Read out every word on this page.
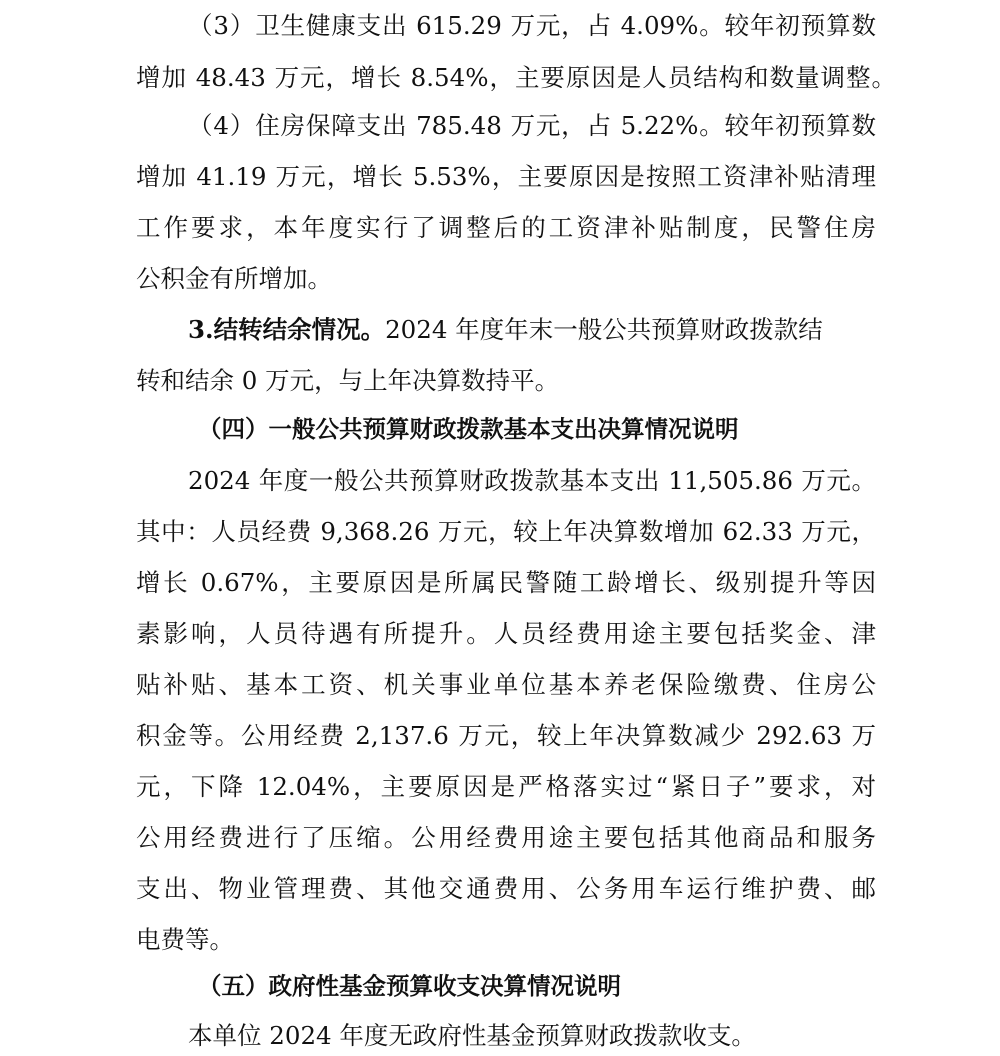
（3）卫生健康支出 615.29 万元，占 4.09%。较年初预算数
增加 48.43 万元，增长 8.54%，主要原因是人员结构和数量调整。
（4）住房保障支出 785.48 万元，占 5.22%。较年初预算数
增加 41.19 万元，增长 5.53%，主要原因是按照工资津补贴清理
工作要求，本年度实行了调整后的工资津补贴制度，民警住房
公积金有所增加。
3.结转结余情况。2024 年度年末一般公共预算财政拨款结
转和结余 0 万元，与上年决算数持平。
（四）一般公共预算财政拨款基本支出决算情况说明
2024 年度一般公共预算财政拨款基本支出 11,505.86 万元。
其中：人员经费 9,368.26 万元，较上年决算数增加 62.33 万元，
增长 0.67%，主要原因是所属民警随工龄增长、级别提升等因
素影响，人员待遇有所提升。人员经费用途主要包括奖金、津
贴补贴、基本工资、机关事业单位基本养老保险缴费、住房公
积金等。公用经费 2,137.6 万元，较上年决算数减少 292.63 万
元，下降 12.04%，主要原因是严格落实过“紧日子”要求，对
公用经费进行了压缩。公用经费用途主要包括其他商品和服务
支出、物业管理费、其他交通费用、公务用车运行维护费、邮
电费等。
（五）政府性基金预算收支决算情况说明
本单位 2024 年度无政府性基金预算财政拨款收支。
